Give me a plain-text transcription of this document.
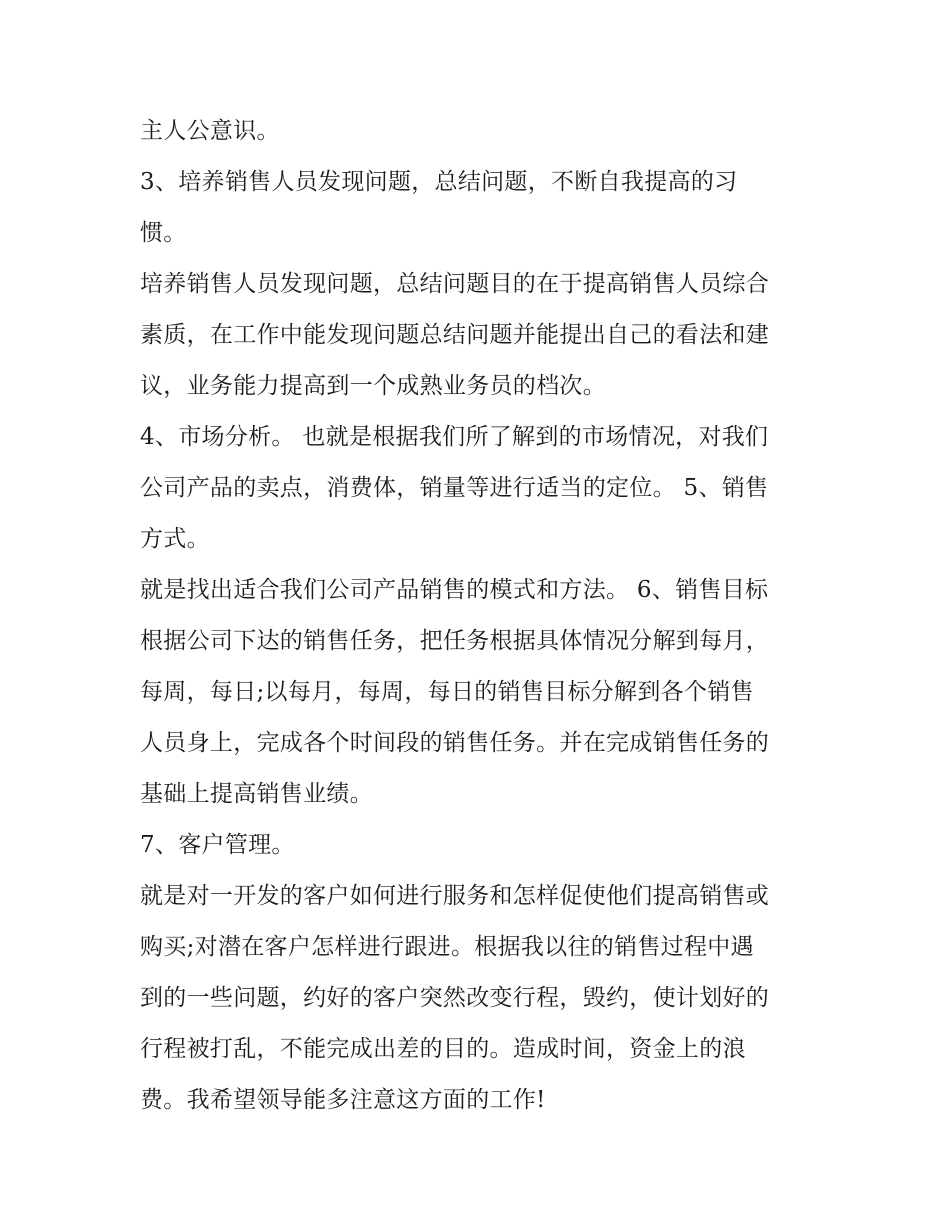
主人公意识。
3、培养销售人员发现问题，总结问题，不断自我提高的习
惯。
培养销售人员发现问题，总结问题目的在于提高销售人员综合
素质，在工作中能发现问题总结问题并能提出自己的看法和建
议，业务能力提高到一个成熟业务员的档次。
4、市场分析。 也就是根据我们所了解到的市场情况，对我们
公司产品的卖点，消费体，销量等进行适当的定位。 5、销售
方式。
就是找出适合我们公司产品销售的模式和方法。 6、销售目标
根据公司下达的销售任务，把任务根据具体情况分解到每月，
每周，每日;以每月，每周，每日的销售目标分解到各个销售
人员身上，完成各个时间段的销售任务。并在完成销售任务的
基础上提高销售业绩。
7、客户管理。
就是对一开发的客户如何进行服务和怎样促使他们提高销售或
购买;对潜在客户怎样进行跟进。根据我以往的销售过程中遇
到的一些问题，约好的客户突然改变行程，毁约，使计划好的
行程被打乱，不能完成出差的目的。造成时间，资金上的浪
费。我希望领导能多注意这方面的工作!
